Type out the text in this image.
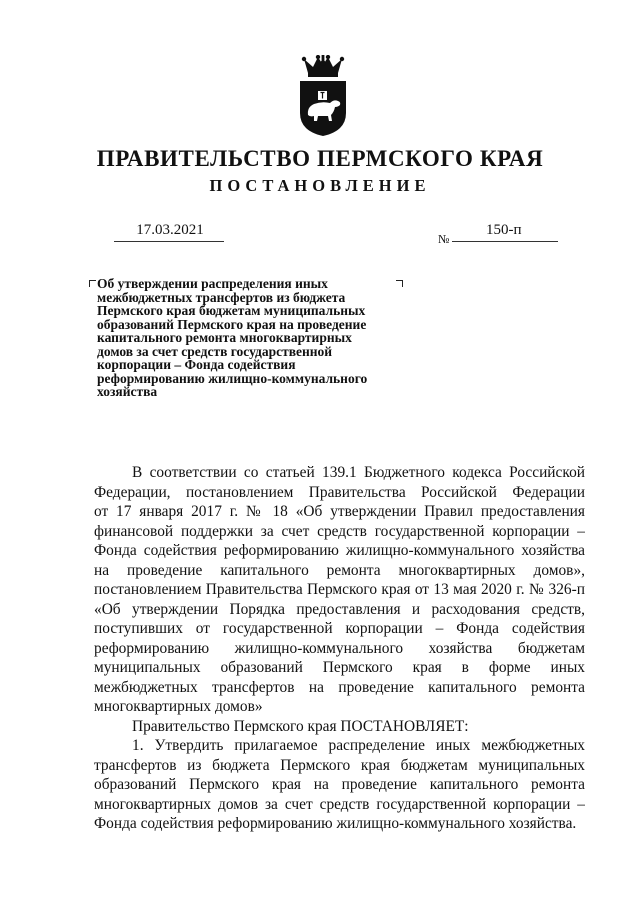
ПРАВИТЕЛЬСТВО ПЕРМСКОГО КРАЯ
ПОСТАНОВЛЕНИЕ
17.03.2021
№
150-п
Об утверждении распределения иных
межбюджетных трансфертов из бюджета
Пермского края бюджетам муниципальных
образований Пермского края на проведение
капитального ремонта многоквартирных
домов за счет средств государственной
корпорации – Фонда содействия
реформированию жилищно-коммунального
хозяйства
В соответствии со статьей 139.1 Бюджетного кодекса Российской
Федерации, постановлением Правительства Российской Федерации
от 17 января 2017 г. № 18 «Об утверждении Правил предоставления
финансовой поддержки за счет средств государственной корпорации –
Фонда содействия реформированию жилищно-коммунального хозяйства
на проведение капитального ремонта многоквартирных домов»,
постановлением Правительства Пермского края от 13 мая 2020 г. № 326-п
«Об утверждении Порядка предоставления и расходования средств,
поступивших от государственной корпорации – Фонда содействия
реформированию жилищно-коммунального хозяйства бюджетам
муниципальных образований Пермского края в форме иных
межбюджетных трансфертов на проведение капитального ремонта
многоквартирных домов»
Правительство Пермского края ПОСТАНОВЛЯЕТ:
1. Утвердить прилагаемое распределение иных межбюджетных
трансфертов из бюджета Пермского края бюджетам муниципальных
образований Пермского края на проведение капитального ремонта
многоквартирных домов за счет средств государственной корпорации –
Фонда содействия реформированию жилищно-коммунального хозяйства.
